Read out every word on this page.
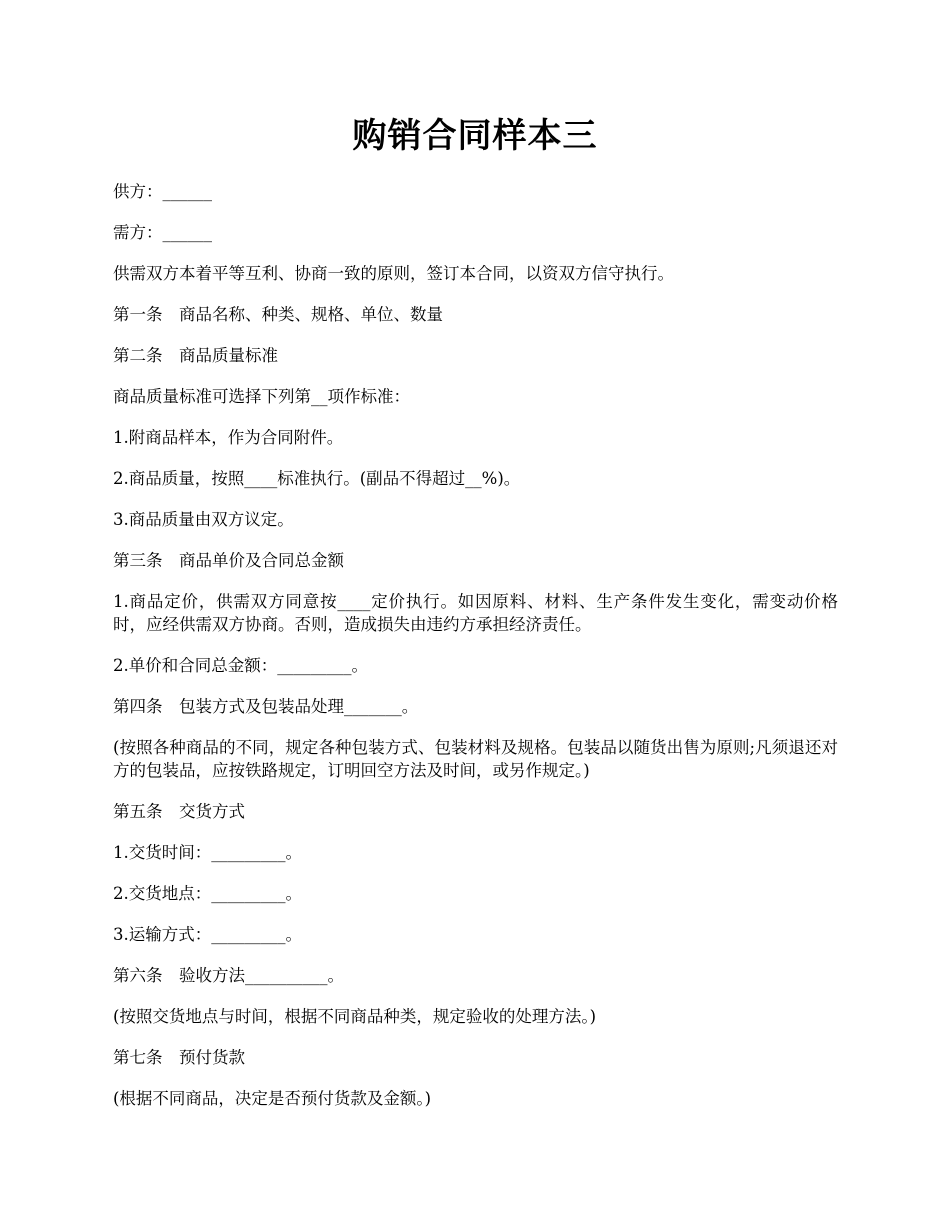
购销合同样本三

供方：______

需方：______

供需双方本着平等互利、协商一致的原则，签订本合同，以资双方信守执行。

第一条　商品名称、种类、规格、单位、数量

第二条　商品质量标准

商品质量标准可选择下列第__项作标准：

1.附商品样本，作为合同附件。

2.商品质量，按照____标准执行。(副品不得超过__%)。

3.商品质量由双方议定。

第三条　商品单价及合同总金额

1.商品定价，供需双方同意按____定价执行。如因原料、材料、生产条件发生变化，需变动价格时，应经供需双方协商。否则，造成损失由违约方承担经济责任。

2.单价和合同总金额：_________。

第四条　包装方式及包装品处理_______。

(按照各种商品的不同，规定各种包装方式、包装材料及规格。包装品以随货出售为原则;凡须退还对方的包装品，应按铁路规定，订明回空方法及时间，或另作规定。)

第五条　交货方式

1.交货时间：_________。

2.交货地点：_________。

3.运输方式：_________。

第六条　验收方法__________。

(按照交货地点与时间，根据不同商品种类，规定验收的处理方法。)

第七条　预付货款

(根据不同商品，决定是否预付货款及金额。)
